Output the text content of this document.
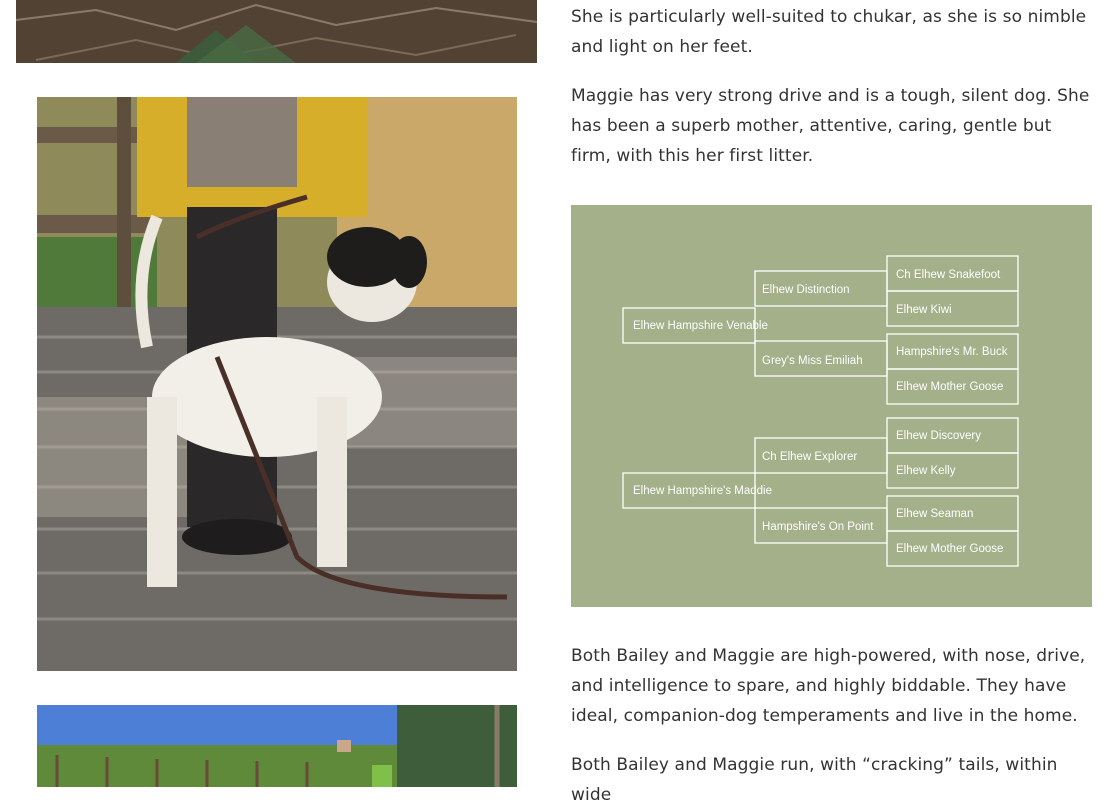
She is particularly well-suited to chukar, as she is so nimble and light on her feet.

Maggie has very strong drive and is a tough, silent dog. She has been a superb mother, attentive, caring, gentle but firm, with this her first litter.

Elhew Hampshire Venable
Elhew Distinction
Grey's Miss Emiliah
Ch Elhew Snakefoot
Elhew Kiwi
Hampshire's Mr. Buck
Elhew Mother Goose
Elhew Hampshire's Maddie
Ch Elhew Explorer
Hampshire's On Point
Elhew Discovery
Elhew Kelly
Elhew Seaman
Elhew Mother Goose

Both Bailey and Maggie are high-powered, with nose, drive, and intelligence to spare, and highly biddable. They have ideal, companion-dog temperaments and live in the home.

Both Bailey and Maggie run, with “cracking” tails, within wide
